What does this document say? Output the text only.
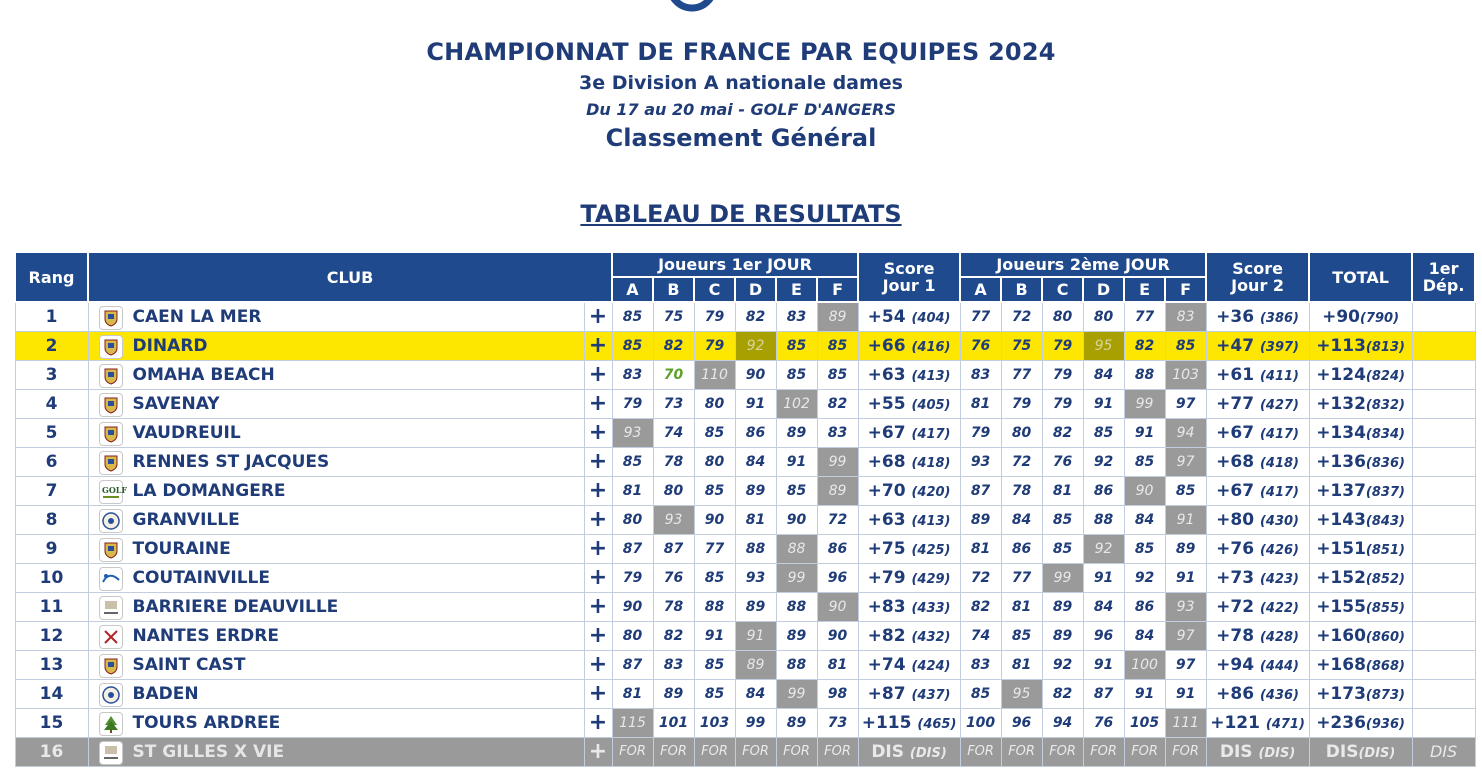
CHAMPIONNAT DE FRANCE PAR EQUIPES 2024
3e Division A nationale dames
Du 17 au 20 mai - GOLF D'ANGERS
Classement Général
TABLEAU DE RESULTATS
Rang	CLUB		Joueurs 1er JOUR						Score
Jour 1	Joueurs 2ème JOUR						Score
Jour 2	TOTAL	1er
Dép.
			A	B	C	D	E	F		A	B	C	D	E	F			
1	CAEN LA MER	+	85	75	79	82	83	89	+54 (404)	77	72	80	80	77	83	+36 (386)	+90(790)	
2	DINARD	+	85	82	79	92	85	85	+66 (416)	76	75	79	95	82	85	+47 (397)	+113(813)	
3	OMAHA BEACH	+	83	70	110	90	85	85	+63 (413)	83	77	79	84	88	103	+61 (411)	+124(824)	
4	SAVENAY	+	79	73	80	91	102	82	+55 (405)	81	79	79	91	99	97	+77 (427)	+132(832)	
5	VAUDREUIL	+	93	74	85	86	89	83	+67 (417)	79	80	82	85	91	94	+67 (417)	+134(834)	
6	RENNES ST JACQUES	+	85	78	80	84	91	99	+68 (418)	93	72	76	92	85	97	+68 (418)	+136(836)	
7	GOLF LA DOMANGERE	+	81	80	85	89	85	89	+70 (420)	87	78	81	86	90	85	+67 (417)	+137(837)	
8	GRANVILLE	+	80	93	90	81	90	72	+63 (413)	89	84	85	88	84	91	+80 (430)	+143(843)	
9	TOURAINE	+	87	87	77	88	88	86	+75 (425)	81	86	85	92	85	89	+76 (426)	+151(851)	
10	COUTAINVILLE	+	79	76	85	93	99	96	+79 (429)	72	77	99	91	92	91	+73 (423)	+152(852)	
11	BARRIERE DEAUVILLE	+	90	78	88	89	88	90	+83 (433)	82	81	89	84	86	93	+72 (422)	+155(855)	
12	NANTES ERDRE	+	80	82	91	91	89	90	+82 (432)	74	85	89	96	84	97	+78 (428)	+160(860)	
13	SAINT CAST	+	87	83	85	89	88	81	+74 (424)	83	81	92	91	100	97	+94 (444)	+168(868)	
14	BADEN	+	81	89	85	84	99	98	+87 (437)	85	95	82	87	91	91	+86 (436)	+173(873)	
15	TOURS ARDREE	+	115	101	103	99	89	73	+115 (465)	100	96	94	76	105	111	+121 (471)	+236(936)	
16	ST GILLES X VIE	+	FOR	FOR	FOR	FOR	FOR	FOR	DIS (DIS)	FOR	FOR	FOR	FOR	FOR	FOR	DIS (DIS)	DIS(DIS)	DIS
